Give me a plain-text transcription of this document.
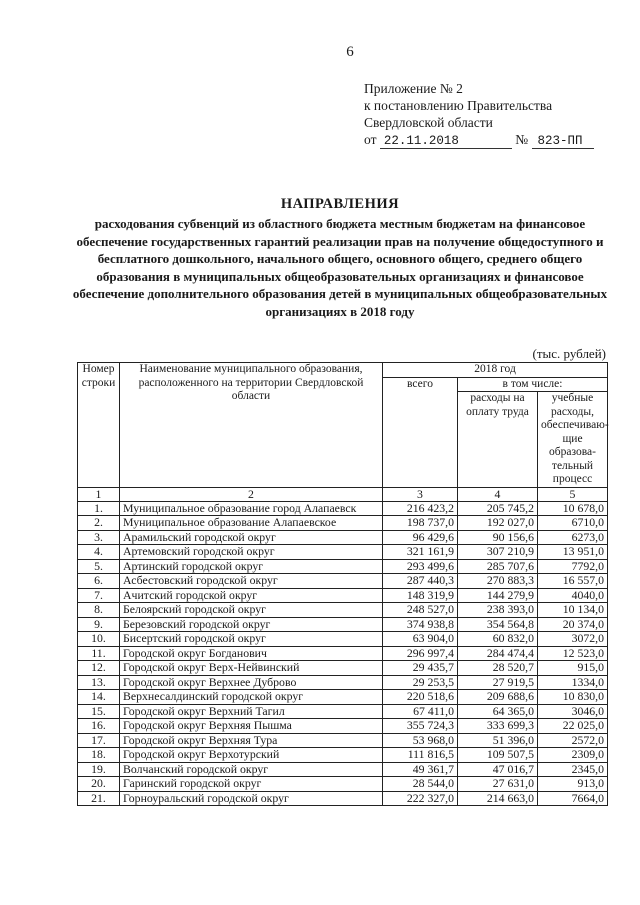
6
Приложение № 2
к постановлению Правительства
Свердловской области
от 22.11.2018	№ 823-ПП
НАПРАВЛЕНИЯ
расходования субвенций из областного бюджета местным бюджетам на финансовое обеспечение государственных гарантий реализации прав на получение общедоступного и бесплатного дошкольного, начального общего, основного общего, среднего общего образования в муниципальных общеобразовательных организациях и финансовое обеспечение дополнительного образования детей в муниципальных общеобразовательных организациях в 2018 году
(тыс. рублей)
Номер строки	Наименование муниципального образования, расположенного на территории Свердловской области	2018 год		
		всего	в том числе:	
			расходы на оплату труда	учебные расходы, обеспечиваю-щие образова-тельный процесс
1	2	3	4	5
1.	Муниципальное образование город Алапаевск	216 423,2	205 745,2	10 678,0
2.	Муниципальное образование Алапаевское	198 737,0	192 027,0	6710,0
3.	Арамильский городской округ	96 429,6	90 156,6	6273,0
4.	Артемовский городской округ	321 161,9	307 210,9	13 951,0
5.	Артинский городской округ	293 499,6	285 707,6	7792,0
6.	Асбестовский городской округ	287 440,3	270 883,3	16 557,0
7.	Ачитский городской округ	148 319,9	144 279,9	4040,0
8.	Белоярский городской округ	248 527,0	238 393,0	10 134,0
9.	Березовский городской округ	374 938,8	354 564,8	20 374,0
10.	Бисертский городской округ	63 904,0	60 832,0	3072,0
11.	Городской округ Богданович	296 997,4	284 474,4	12 523,0
12.	Городской округ Верх-Нейвинский	29 435,7	28 520,7	915,0
13.	Городской округ Верхнее Дуброво	29 253,5	27 919,5	1334,0
14.	Верхнесалдинский городской округ	220 518,6	209 688,6	10 830,0
15.	Городской округ Верхний Тагил	67 411,0	64 365,0	3046,0
16.	Городской округ Верхняя Пышма	355 724,3	333 699,3	22 025,0
17.	Городской округ Верхняя Тура	53 968,0	51 396,0	2572,0
18.	Городской округ Верхотурский	111 816,5	109 507,5	2309,0
19.	Волчанский городской округ	49 361,7	47 016,7	2345,0
20.	Гаринский городской округ	28 544,0	27 631,0	913,0
21.	Горноуральский городской округ	222 327,0	214 663,0	7664,0
